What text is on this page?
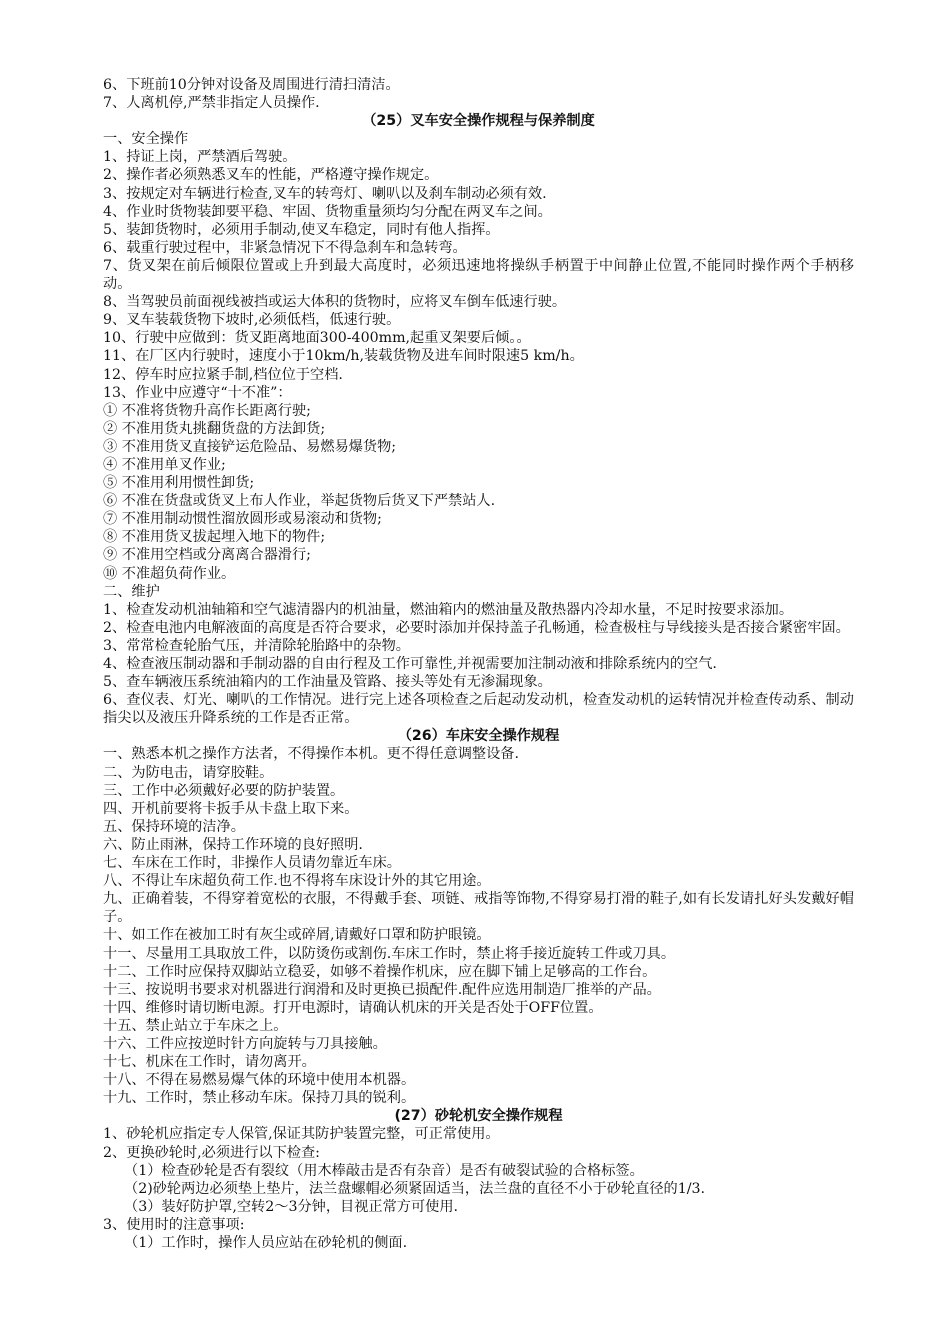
6、下班前10分钟对设备及周围进行清扫清洁。
7、人离机停,严禁非指定人员操作.
（25）叉车安全操作规程与保养制度
一、安全操作
1、持证上岗，严禁酒后驾驶。
2、操作者必须熟悉叉车的性能，严格遵守操作规定。
3、按规定对车辆进行检查,叉车的转弯灯、喇叭以及刹车制动必须有效.
4、作业时货物装卸要平稳、牢固、货物重量须均匀分配在两叉车之间。
5、装卸货物时，必须用手制动,使叉车稳定，同时有他人指挥。
6、载重行驶过程中，非紧急情况下不得急刹车和急转弯。
7、货叉架在前后倾限位置或上升到最大高度时，必须迅速地将操纵手柄置于中间静止位置,不能同时操作两个手柄移动。
8、当驾驶员前面视线被挡或运大体积的货物时，应将叉车倒车低速行驶。
9、叉车装载货物下坡时,必须低档，低速行驶。
10、行驶中应做到：货叉距离地面300-400mm,起重叉架要后倾。。
11、在厂区内行驶时，速度小于10km/h,装载货物及进车间时限速5 km/h。
12、停车时应拉紧手制,档位位于空档.
13、作业中应遵守“十不准”：
① 不准将货物升高作长距离行驶;
② 不准用货丸挑翻货盘的方法卸货;
③ 不准用货叉直接铲运危险品、易燃易爆货物;
④ 不准用单叉作业;
⑤ 不准用利用惯性卸货;
⑥ 不准在货盘或货叉上布人作业，举起货物后货叉下严禁站人.
⑦ 不准用制动惯性溜放圆形或易滚动和货物;
⑧ 不准用货叉拔起埋入地下的物件;
⑨ 不准用空档或分离离合器滑行;
⑩ 不准超负荷作业。
二、维护
1、检查发动机油轴箱和空气滤清器内的机油量，燃油箱内的燃油量及散热器内冷却水量，不足时按要求添加。
2、检查电池内电解液面的高度是否符合要求，必要时添加并保持盖子孔畅通，检查极柱与导线接头是否接合紧密牢固。
3、常常检查轮胎气压，并清除轮胎路中的杂物。
4、检查液压制动器和手制动器的自由行程及工作可靠性,并视需要加注制动液和排除系统内的空气.
5、查车辆液压系统油箱内的工作油量及管路、接头等处有无渗漏现象。
6、查仪表、灯光、喇叭的工作情况。进行完上述各项检查之后起动发动机，检查发动机的运转情况并检查传动系、制动指尖以及液压升降系统的工作是否正常。
（26）车床安全操作规程
一、熟悉本机之操作方法者，不得操作本机。更不得任意调整设备.
二、为防电击，请穿胶鞋。
三、工作中必须戴好必要的防护装置。
四、开机前要将卡扳手从卡盘上取下来。
五、保持环境的洁净。
六、防止雨淋，保持工作环境的良好照明.
七、车床在工作时，非操作人员请勿靠近车床。
八、不得让车床超负荷工作.也不得将车床设计外的其它用途。
九、正确着装，不得穿着宽松的衣服，不得戴手套、项链、戒指等饰物,不得穿易打滑的鞋子,如有长发请扎好头发戴好帽子。
十、如工作在被加工时有灰尘或碎屑,请戴好口罩和防护眼镜。
十一、尽量用工具取放工件，以防烫伤或割伤.车床工作时，禁止将手接近旋转工件或刀具。
十二、工作时应保持双脚站立稳妥，如够不着操作机床，应在脚下铺上足够高的工作台。
十三、按说明书要求对机器进行润滑和及时更换已损配件.配件应选用制造厂推举的产品。
十四、维修时请切断电源。打开电源时，请确认机床的开关是否处于OFF位置。
十五、禁止站立于车床之上。
十六、工件应按逆时针方向旋转与刀具接触。
十七、机床在工作时，请勿离开。
十八、不得在易燃易爆气体的环境中使用本机器。
十九、工作时，禁止移动车床。保持刀具的锐利。
(27）砂轮机安全操作规程
1、砂轮机应指定专人保管,保证其防护装置完整，可正常使用。
2、更换砂轮时,必须进行以下检查:
（1）检查砂轮是否有裂纹（用木棒敲击是否有杂音）是否有破裂试验的合格标签。
（2)砂轮两边必须垫上垫片，法兰盘螺帽必须紧固适当，法兰盘的直径不小于砂轮直径的1/3.
（3）装好防护罩,空转2～3分钟，目视正常方可使用.
3、使用时的注意事项:
（1）工作时，操作人员应站在砂轮机的侧面.
